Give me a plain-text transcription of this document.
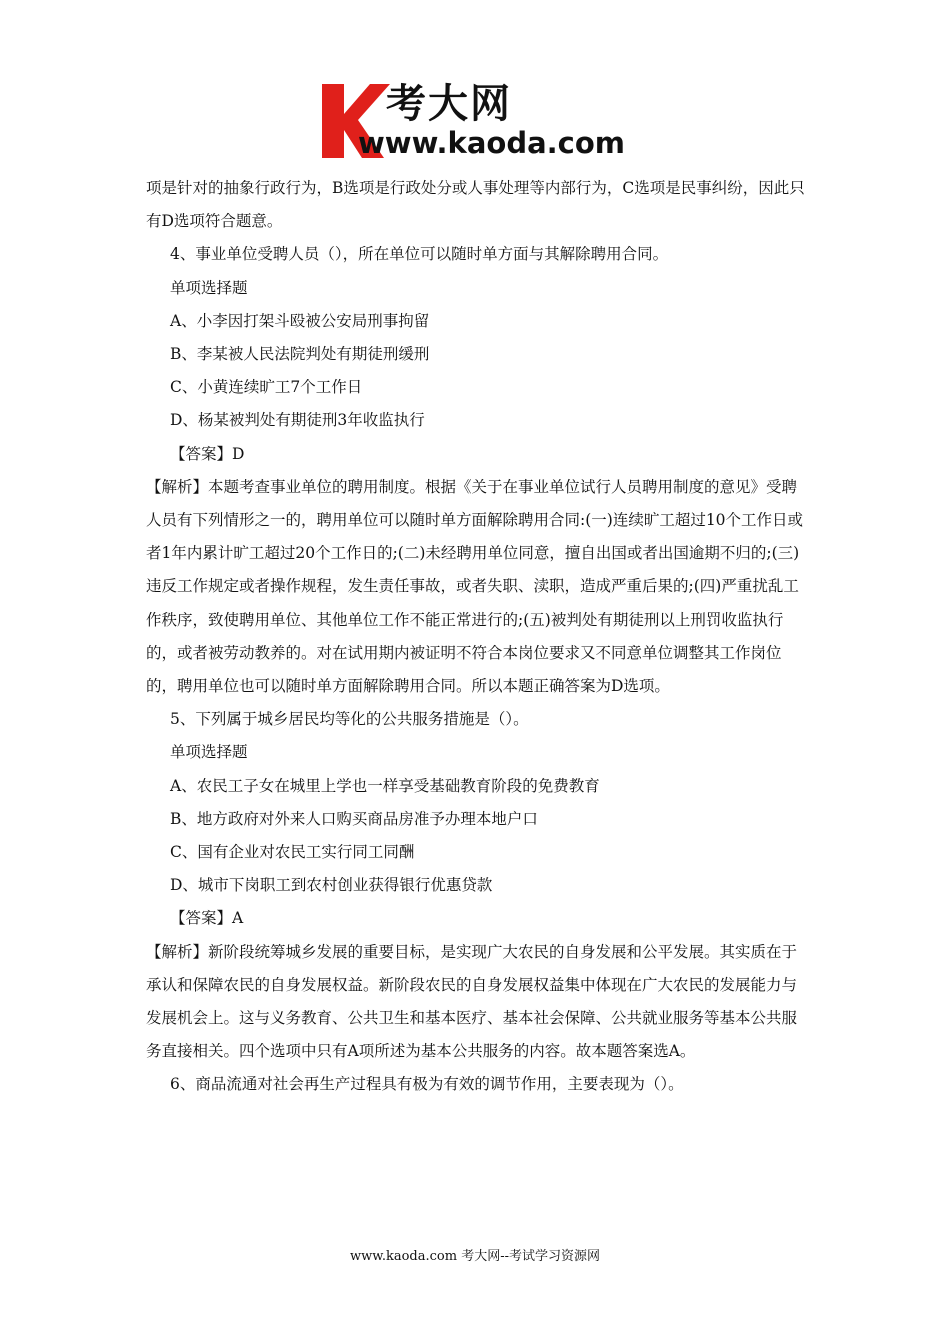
考大网
www.kaoda.com

项是针对的抽象行政行为，B选项是行政处分或人事处理等内部行为，C选项是民事纠纷，因此只有D选项符合题意。

4、事业单位受聘人员（），所在单位可以随时单方面与其解除聘用合同。

单项选择题

A、小李因打架斗殴被公安局刑事拘留

B、李某被人民法院判处有期徒刑缓刑

C、小黄连续旷工7个工作日

D、杨某被判处有期徒刑3年收监执行

【答案】D

【解析】本题考查事业单位的聘用制度。根据《关于在事业单位试行人员聘用制度的意见》受聘人员有下列情形之一的，聘用单位可以随时单方面解除聘用合同:(一)连续旷工超过10个工作日或者1年内累计旷工超过20个工作日的;(二)未经聘用单位同意，擅自出国或者出国逾期不归的;(三)违反工作规定或者操作规程，发生责任事故，或者失职、渎职，造成严重后果的;(四)严重扰乱工作秩序，致使聘用单位、其他单位工作不能正常进行的;(五)被判处有期徒刑以上刑罚收监执行的，或者被劳动教养的。对在试用期内被证明不符合本岗位要求又不同意单位调整其工作岗位的，聘用单位也可以随时单方面解除聘用合同。所以本题正确答案为D选项。

5、下列属于城乡居民均等化的公共服务措施是（）。

单项选择题

A、农民工子女在城里上学也一样享受基础教育阶段的免费教育

B、地方政府对外来人口购买商品房准予办理本地户口

C、国有企业对农民工实行同工同酬

D、城市下岗职工到农村创业获得银行优惠贷款

【答案】A

【解析】新阶段统筹城乡发展的重要目标，是实现广大农民的自身发展和公平发展。其实质在于承认和保障农民的自身发展权益。新阶段农民的自身发展权益集中体现在广大农民的发展能力与发展机会上。这与义务教育、公共卫生和基本医疗、基本社会保障、公共就业服务等基本公共服务直接相关。四个选项中只有A项所述为基本公共服务的内容。故本题答案选A。

6、商品流通对社会再生产过程具有极为有效的调节作用，主要表现为（）。

www.kaoda.com 考大网--考试学习资源网
